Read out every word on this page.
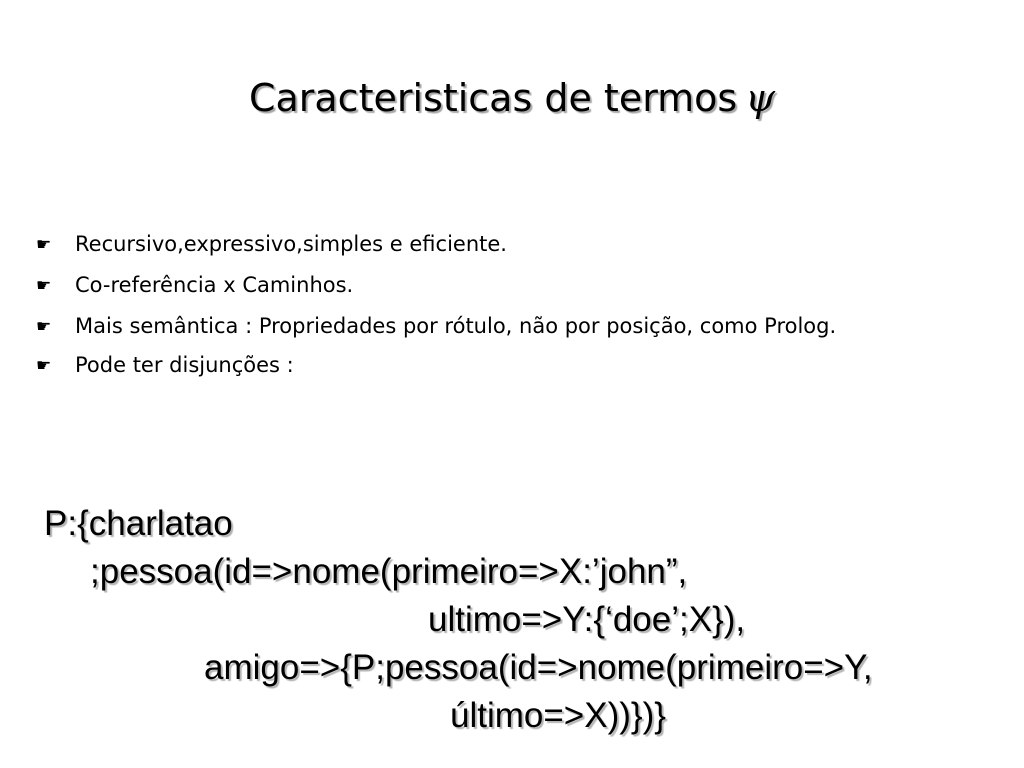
Caracteristicas de termos ψ
☛	Recursivo,expressivo,simples e eficiente.
☛	Co-referência x Caminhos.
☛	Mais semântica : Propriedades por rótulo, não por posição, como Prolog.
☛	Pode ter disjunções :
P:{charlatao
;pessoa(id=>nome(primeiro=>X:’john”,
ultimo=>Y:{‘doe’;X}),
amigo=>{P;pessoa(id=>nome(primeiro=>Y,
último=>X))})}
